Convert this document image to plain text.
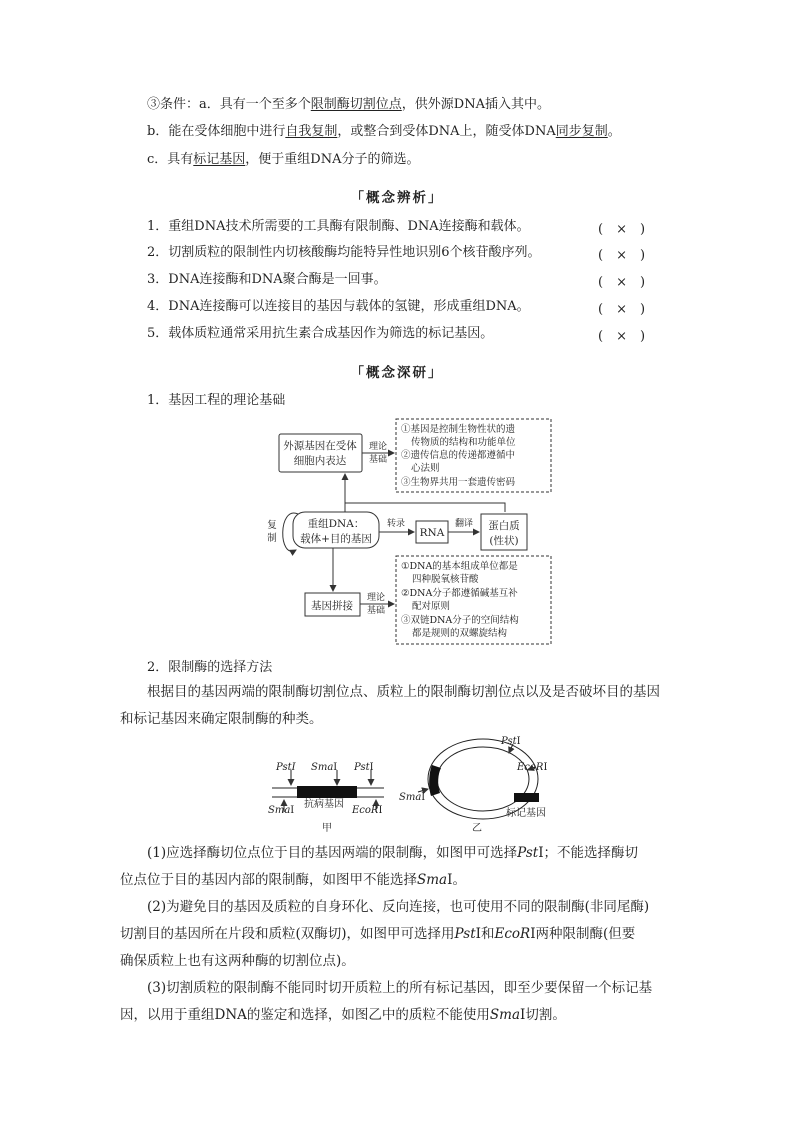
③条件：a．具有一个至多个限制酶切割位点，供外源DNA插入其中。
b．能在受体细胞中进行自我复制，或整合到受体DNA上，随受体DNA同步复制。
c．具有标记基因，便于重组DNA分子的筛选。
「概念辨析」
1．重组DNA技术所需要的工具酶有限制酶、DNA连接酶和载体。	(　×　)
2．切割质粒的限制性内切核酸酶均能特异性地识别6个核苷酸序列。	(　×　)
3．DNA连接酶和DNA聚合酶是一回事。	(　×　)
4．DNA连接酶可以连接目的基因与载体的氢键，形成重组DNA。	(　×　)
5．载体质粒通常采用抗生素合成基因作为筛选的标记基因。	(　×　)
「概念深研」
1．基因工程的理论基础
外源基因在受体
细胞内表达
理论
基础
①基因是控制生物性状的遗
传物质的结构和功能单位
②遗传信息的传递都遵循中
心法则
③生物界共用一套遗传密码
复
制
重组DNA：
载体+目的基因
转录
RNA
翻译 蛋白质
(性状)
基因拼接
理论
基础
①DNA的基本组成单位都是
四种脱氧核苷酸
②DNA分子都遵循碱基互补
配对原则
③双链DNA分子的空间结构
都是规则的双螺旋结构
PstⅠ SmaⅠ PstⅠ
SmaⅠ
抗病基因
EcoRⅠ
甲
PstⅠ
EcoRⅠ
SmaⅠ
标记基因
乙
2．限制酶的选择方法
根据目的基因两端的限制酶切割位点、质粒上的限制酶切割位点以及是否破坏目的基因
和标记基因来确定限制酶的种类。
(1)应选择酶切位点位于目的基因两端的限制酶，如图甲可选择PstⅠ；不能选择酶切
位点位于目的基因内部的限制酶，如图甲不能选择SmaⅠ。
(2)为避免目的基因及质粒的自身环化、反向连接，也可使用不同的限制酶(非同尾酶)
切割目的基因所在片段和质粒(双酶切)，如图甲可选择用PstⅠ和EcoRⅠ两种限制酶(但要
确保质粒上也有这两种酶的切割位点)。
(3)切割质粒的限制酶不能同时切开质粒上的所有标记基因，即至少要保留一个标记基
因，以用于重组DNA的鉴定和选择，如图乙中的质粒不能使用SmaⅠ切割。
